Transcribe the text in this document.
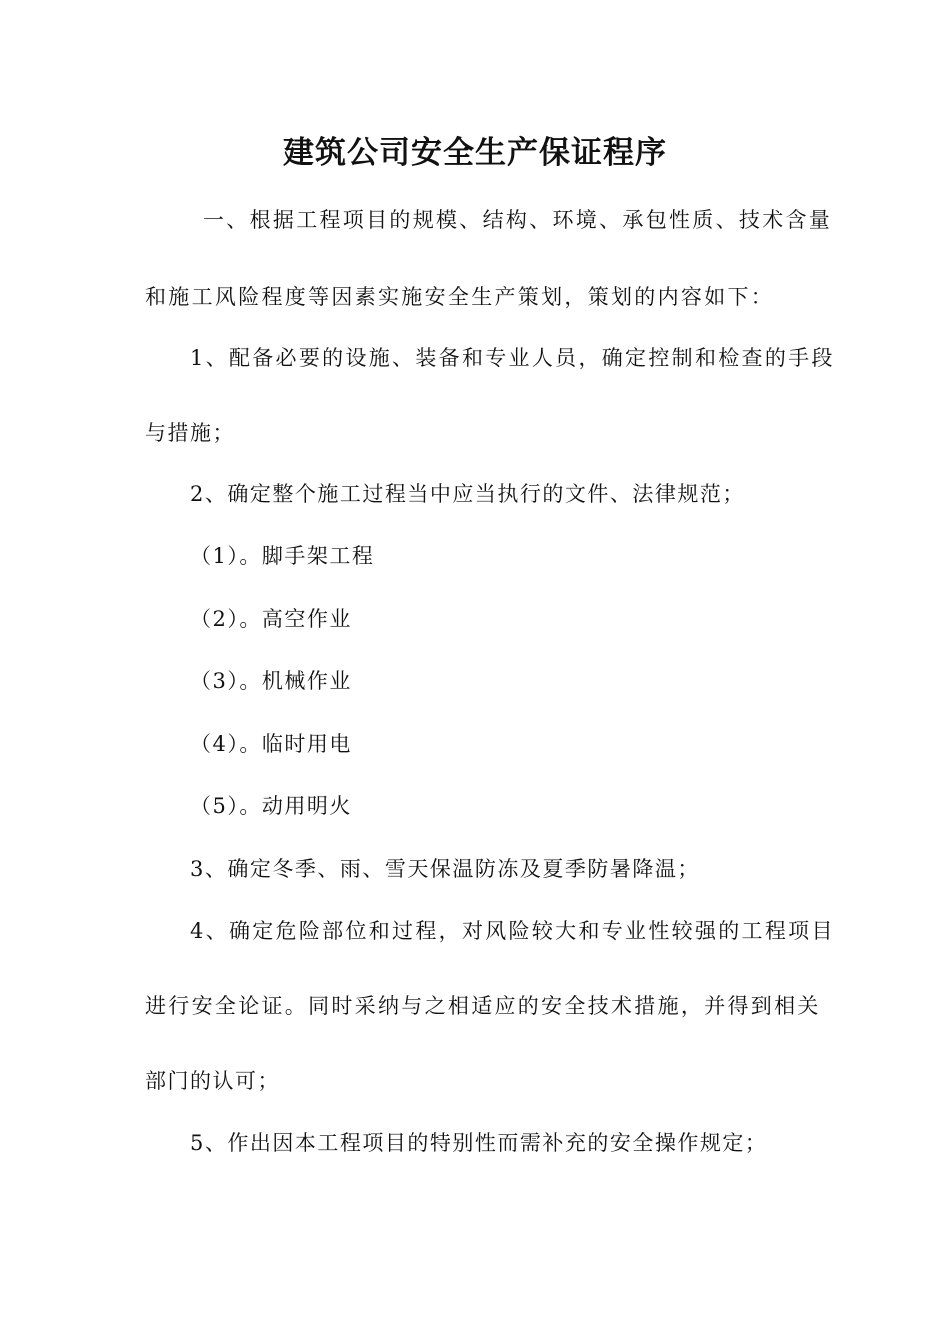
建筑公司安全生产保证程序
一、根据工程项目的规模、结构、环境、承包性质、技术含量
和施工风险程度等因素实施安全生产策划，策划的内容如下：
1、配备必要的设施、装备和专业人员，确定控制和检查的手段
与措施；
2、确定整个施工过程当中应当执行的文件、法律规范；
（1）。脚手架工程
（2）。高空作业
（3）。机械作业
（4）。临时用电
（5）。动用明火
3、确定冬季、雨、雪天保温防冻及夏季防暑降温；
4、确定危险部位和过程，对风险较大和专业性较强的工程项目
进行安全论证。同时采纳与之相适应的安全技术措施，并得到相关
部门的认可；
5、作出因本工程项目的特别性而需补充的安全操作规定；
